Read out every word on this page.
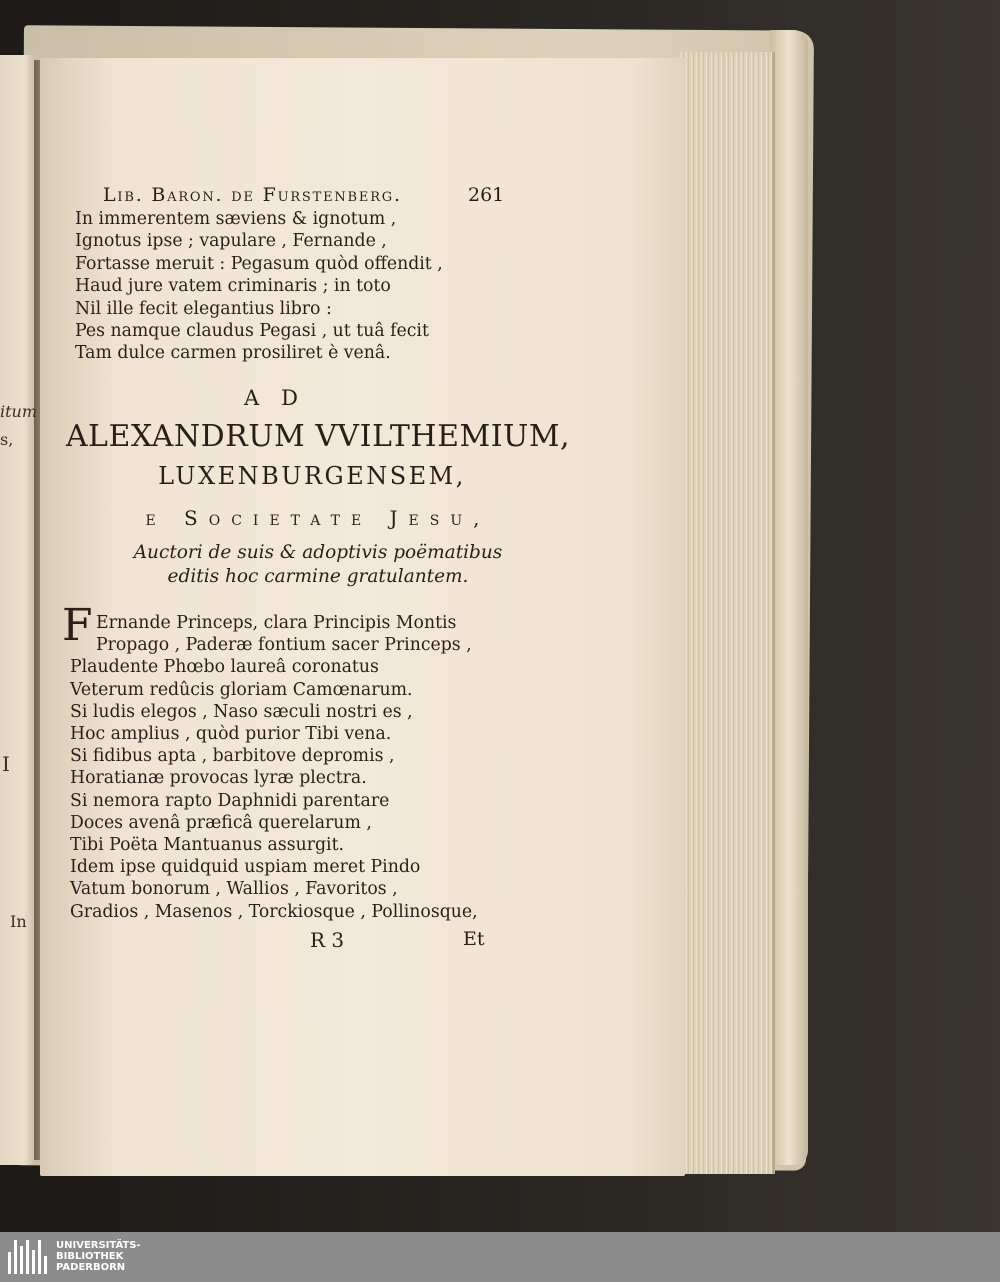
itum
s,
I
In
Lib. Baron. de Furstenberg.	261
In immerentem sæviens & ignotum ,
Ignotus ipse ; vapulare , Fernande ,
Fortasse meruit : Pegasum quòd offendit ,
Haud jure vatem criminaris ; in toto
Nil ille fecit elegantius libro :
Pes namque claudus Pegasi , ut tuâ fecit
Tam dulce carmen prosiliret è venâ.
AD
ALEXANDRUM VVILTHEMIUM,
LUXENBURGENSEM,
e Societate Jesu,
Auctori de suis & adoptivis poëmatibus
editis hoc carmine gratulantem.
F Ernande Princeps, clara Principis Montis
Propago , Paderæ fontium sacer Princeps ,
Plaudente Phœbo laureâ coronatus
Veterum redûcis gloriam Camœnarum.
Si ludis elegos , Naso sæculi nostri es ,
Hoc amplius , quòd purior Tibi vena.
Si fidibus apta , barbitove depromis ,
Horatianæ provocas lyræ plectra.
Si nemora rapto Daphnidi parentare
Doces avenâ præficâ querelarum ,
Tibi Poëta Mantuanus assurgit.
Idem ipse quidquid uspiam meret Pindo
Vatum bonorum , Wallios , Favoritos ,
Gradios , Masenos , Torckiosque , Pollinosque,
R 3	Et
UNIVERSITÄTS-
BIBLIOTHEK
PADERBORN
